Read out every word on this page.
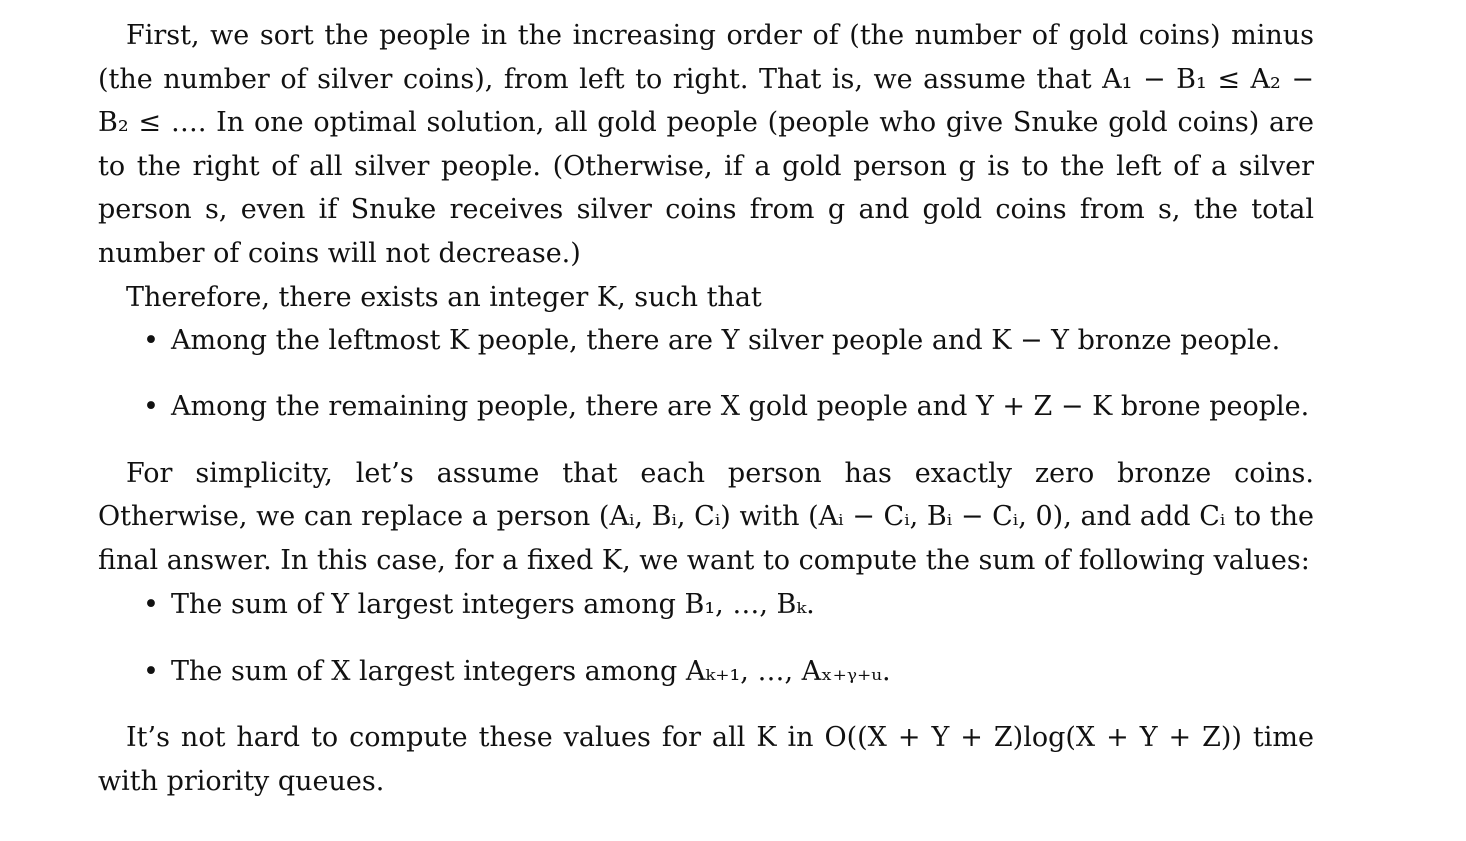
First, we sort the people in the increasing order of (the number of gold coins) minus (the number of silver coins), from left to right. That is, we assume that A₁ − B₁ ≤ A₂ − B₂ ≤ …. In one optimal solution, all gold people (people who give Snuke gold coins) are to the right of all silver people. (Otherwise, if a gold person g is to the left of a silver person s, even if Snuke receives silver coins from g and gold coins from s, the total number of coins will not decrease.)

Therefore, there exists an integer K, such that

• Among the leftmost K people, there are Y silver people and K − Y bronze people.
• Among the remaining people, there are X gold people and Y + Z − K brone people.

For simplicity, let’s assume that each person has exactly zero bronze coins. Otherwise, we can replace a person (Aᵢ, Bᵢ, Cᵢ) with (Aᵢ − Cᵢ, Bᵢ − Cᵢ, 0), and add Cᵢ to the final answer. In this case, for a fixed K, we want to compute the sum of following values:

• The sum of Y largest integers among B₁, …, Bₖ.
• The sum of X largest integers among Aₖ₊₁, …, Aₓ₊ᵧ₊ᵤ.

It’s not hard to compute these values for all K in O((X + Y + Z)log(X + Y + Z)) time with priority queues.
